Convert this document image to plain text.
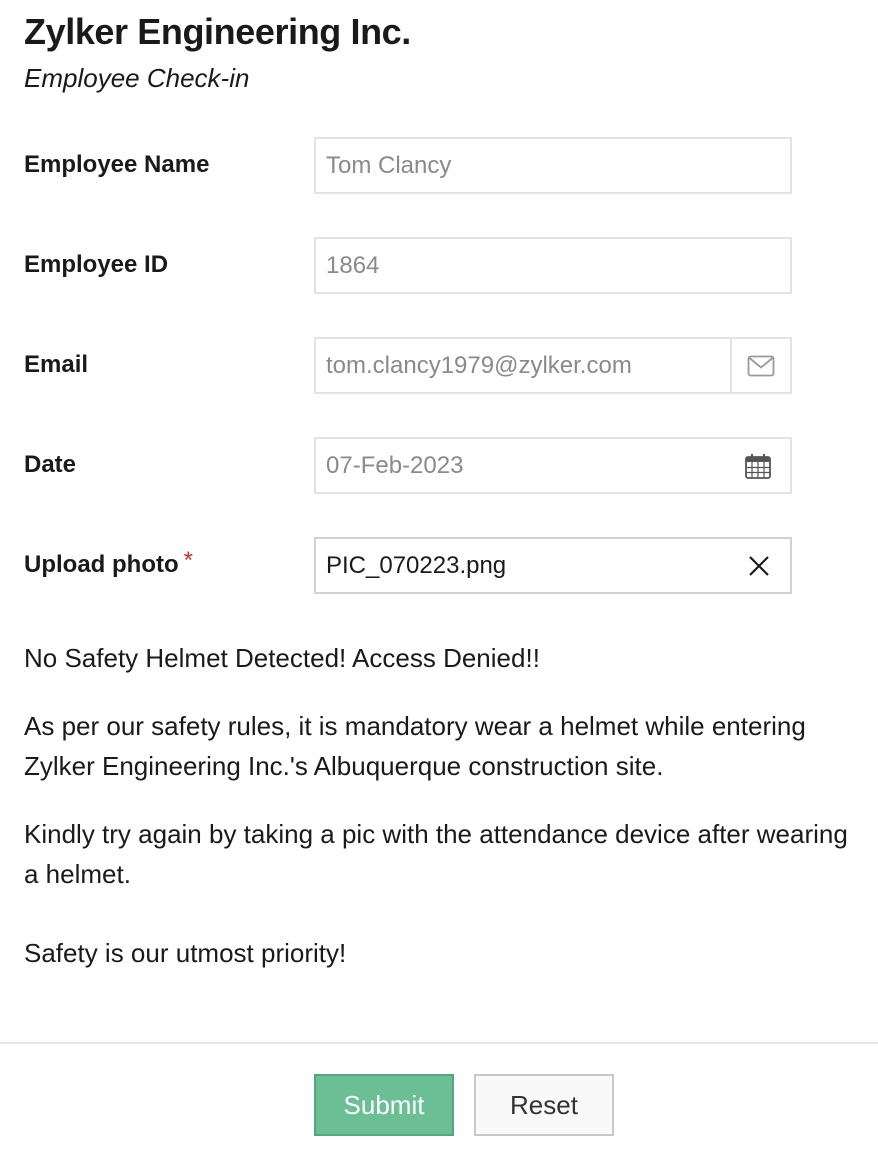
Zylker Engineering Inc.
Employee Check-in
Employee Name	Tom Clancy
Employee ID	1864
Email	tom.clancy1979@zylker.com
Date	07-Feb-2023
Upload photo *	PIC_070223.png
No Safety Helmet Detected! Access Denied!!
As per our safety rules, it is mandatory wear a helmet while entering Zylker Engineering Inc.'s Albuquerque construction site.
Kindly try again by taking a pic with the attendance device after wearing a helmet.
Safety is our utmost priority!
Submit	Reset
